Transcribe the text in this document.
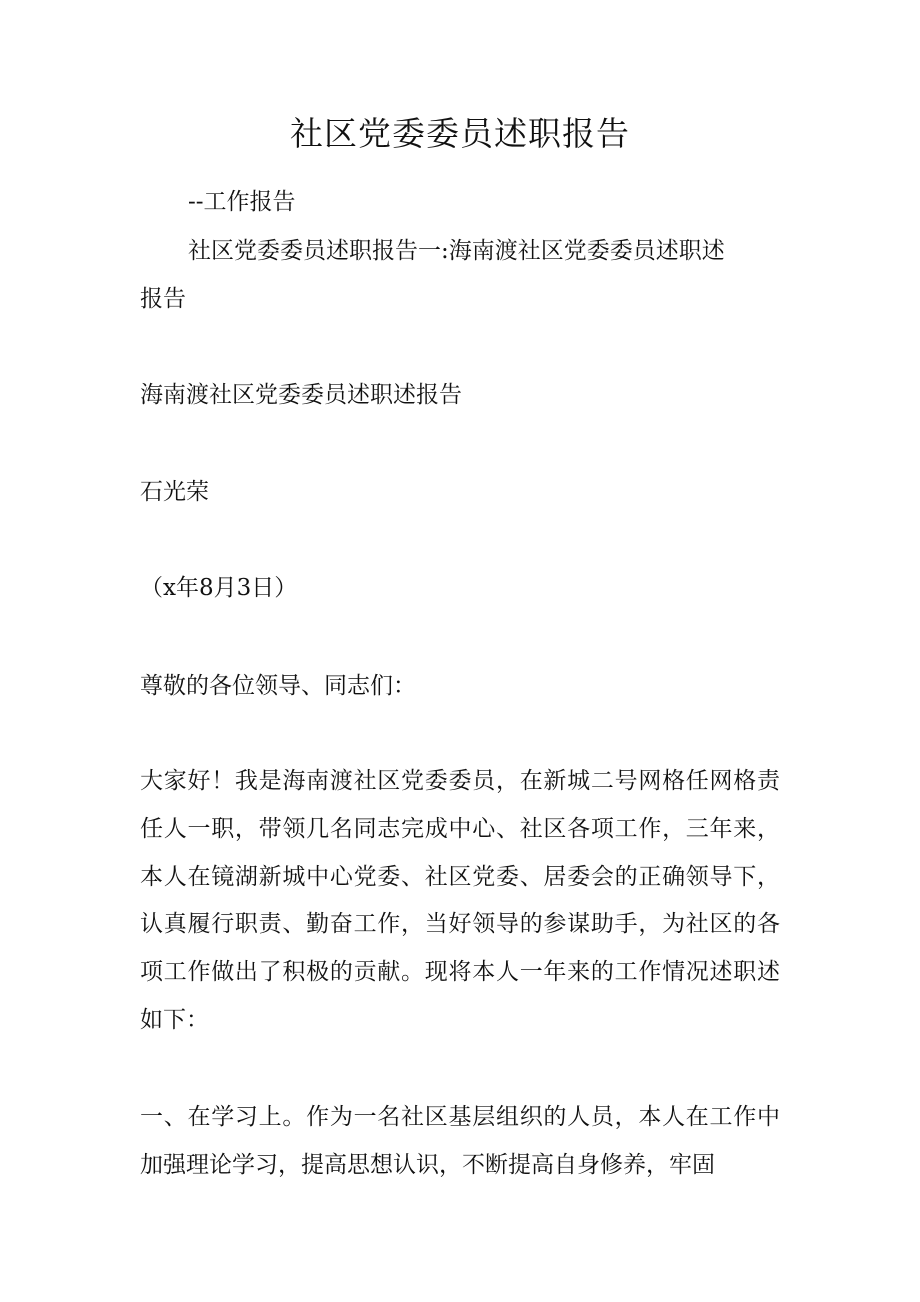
社区党委委员述职报告
--工作报告
社区党委委员述职报告一:海南渡社区党委委员述职述
报告
海南渡社区党委委员述职述报告
石光荣
（x年8月3日）
尊敬的各位领导、同志们：
大家好！我是海南渡社区党委委员，在新城二号网格任网格责任人一职，带领几名同志完成中心、社区各项工作，三年来，本人在镜湖新城中心党委、社区党委、居委会的正确领导下，认真履行职责、勤奋工作，当好领导的参谋助手，为社区的各项工作做出了积极的贡献。现将本人一年来的工作情况述职述如下：
一、在学习上。作为一名社区基层组织的人员，本人在工作中加强理论学习，提高思想认识，不断提高自身修养，牢固
